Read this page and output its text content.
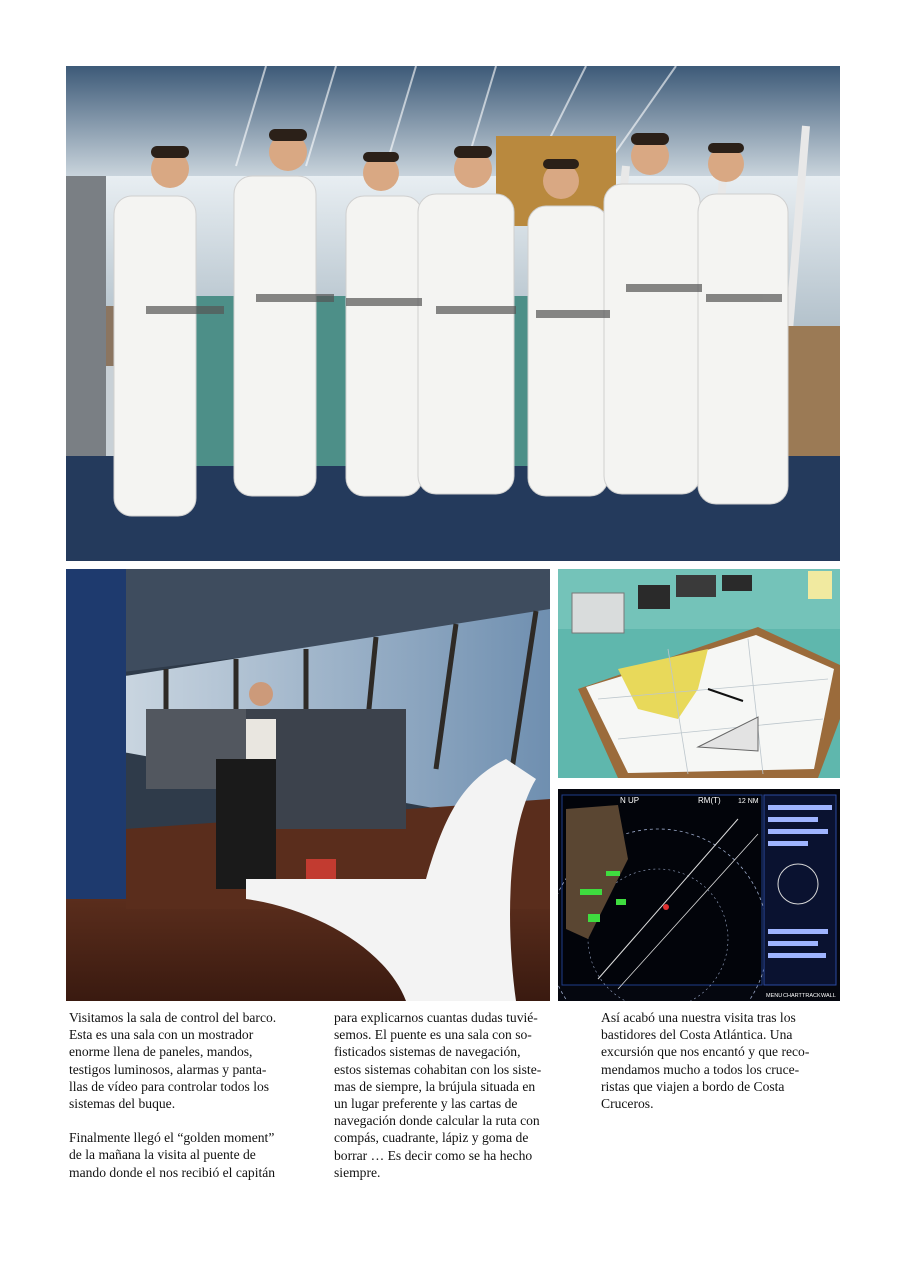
N UP	RM(T) 12 NM
MENU CHART TRACK WALL

Visitamos la sala de control del barco.
Esta es una sala con un mostrador
enorme llena de paneles, mandos,
testigos luminosos, alarmas y panta-
llas de vídeo para controlar todos los
sistemas del buque.

Finalmente llegó el “golden moment”
de la mañana la visita al puente de
mando donde el nos recibió el capitán

para explicarnos cuantas dudas tuvié-
semos. El puente es una sala con so-
fisticados sistemas de navegación,
estos sistemas cohabitan con los siste-
mas de siempre, la brújula situada en
un lugar preferente y las cartas de
navegación donde calcular la ruta con
compás, cuadrante, lápiz y goma de
borrar … Es decir como se ha hecho
siempre.

Así acabó una nuestra visita tras los
bastidores del Costa Atlántica. Una
excursión que nos encantó y que reco-
mendamos mucho a todos los cruce-
ristas que viajen a bordo de Costa
Cruceros.
